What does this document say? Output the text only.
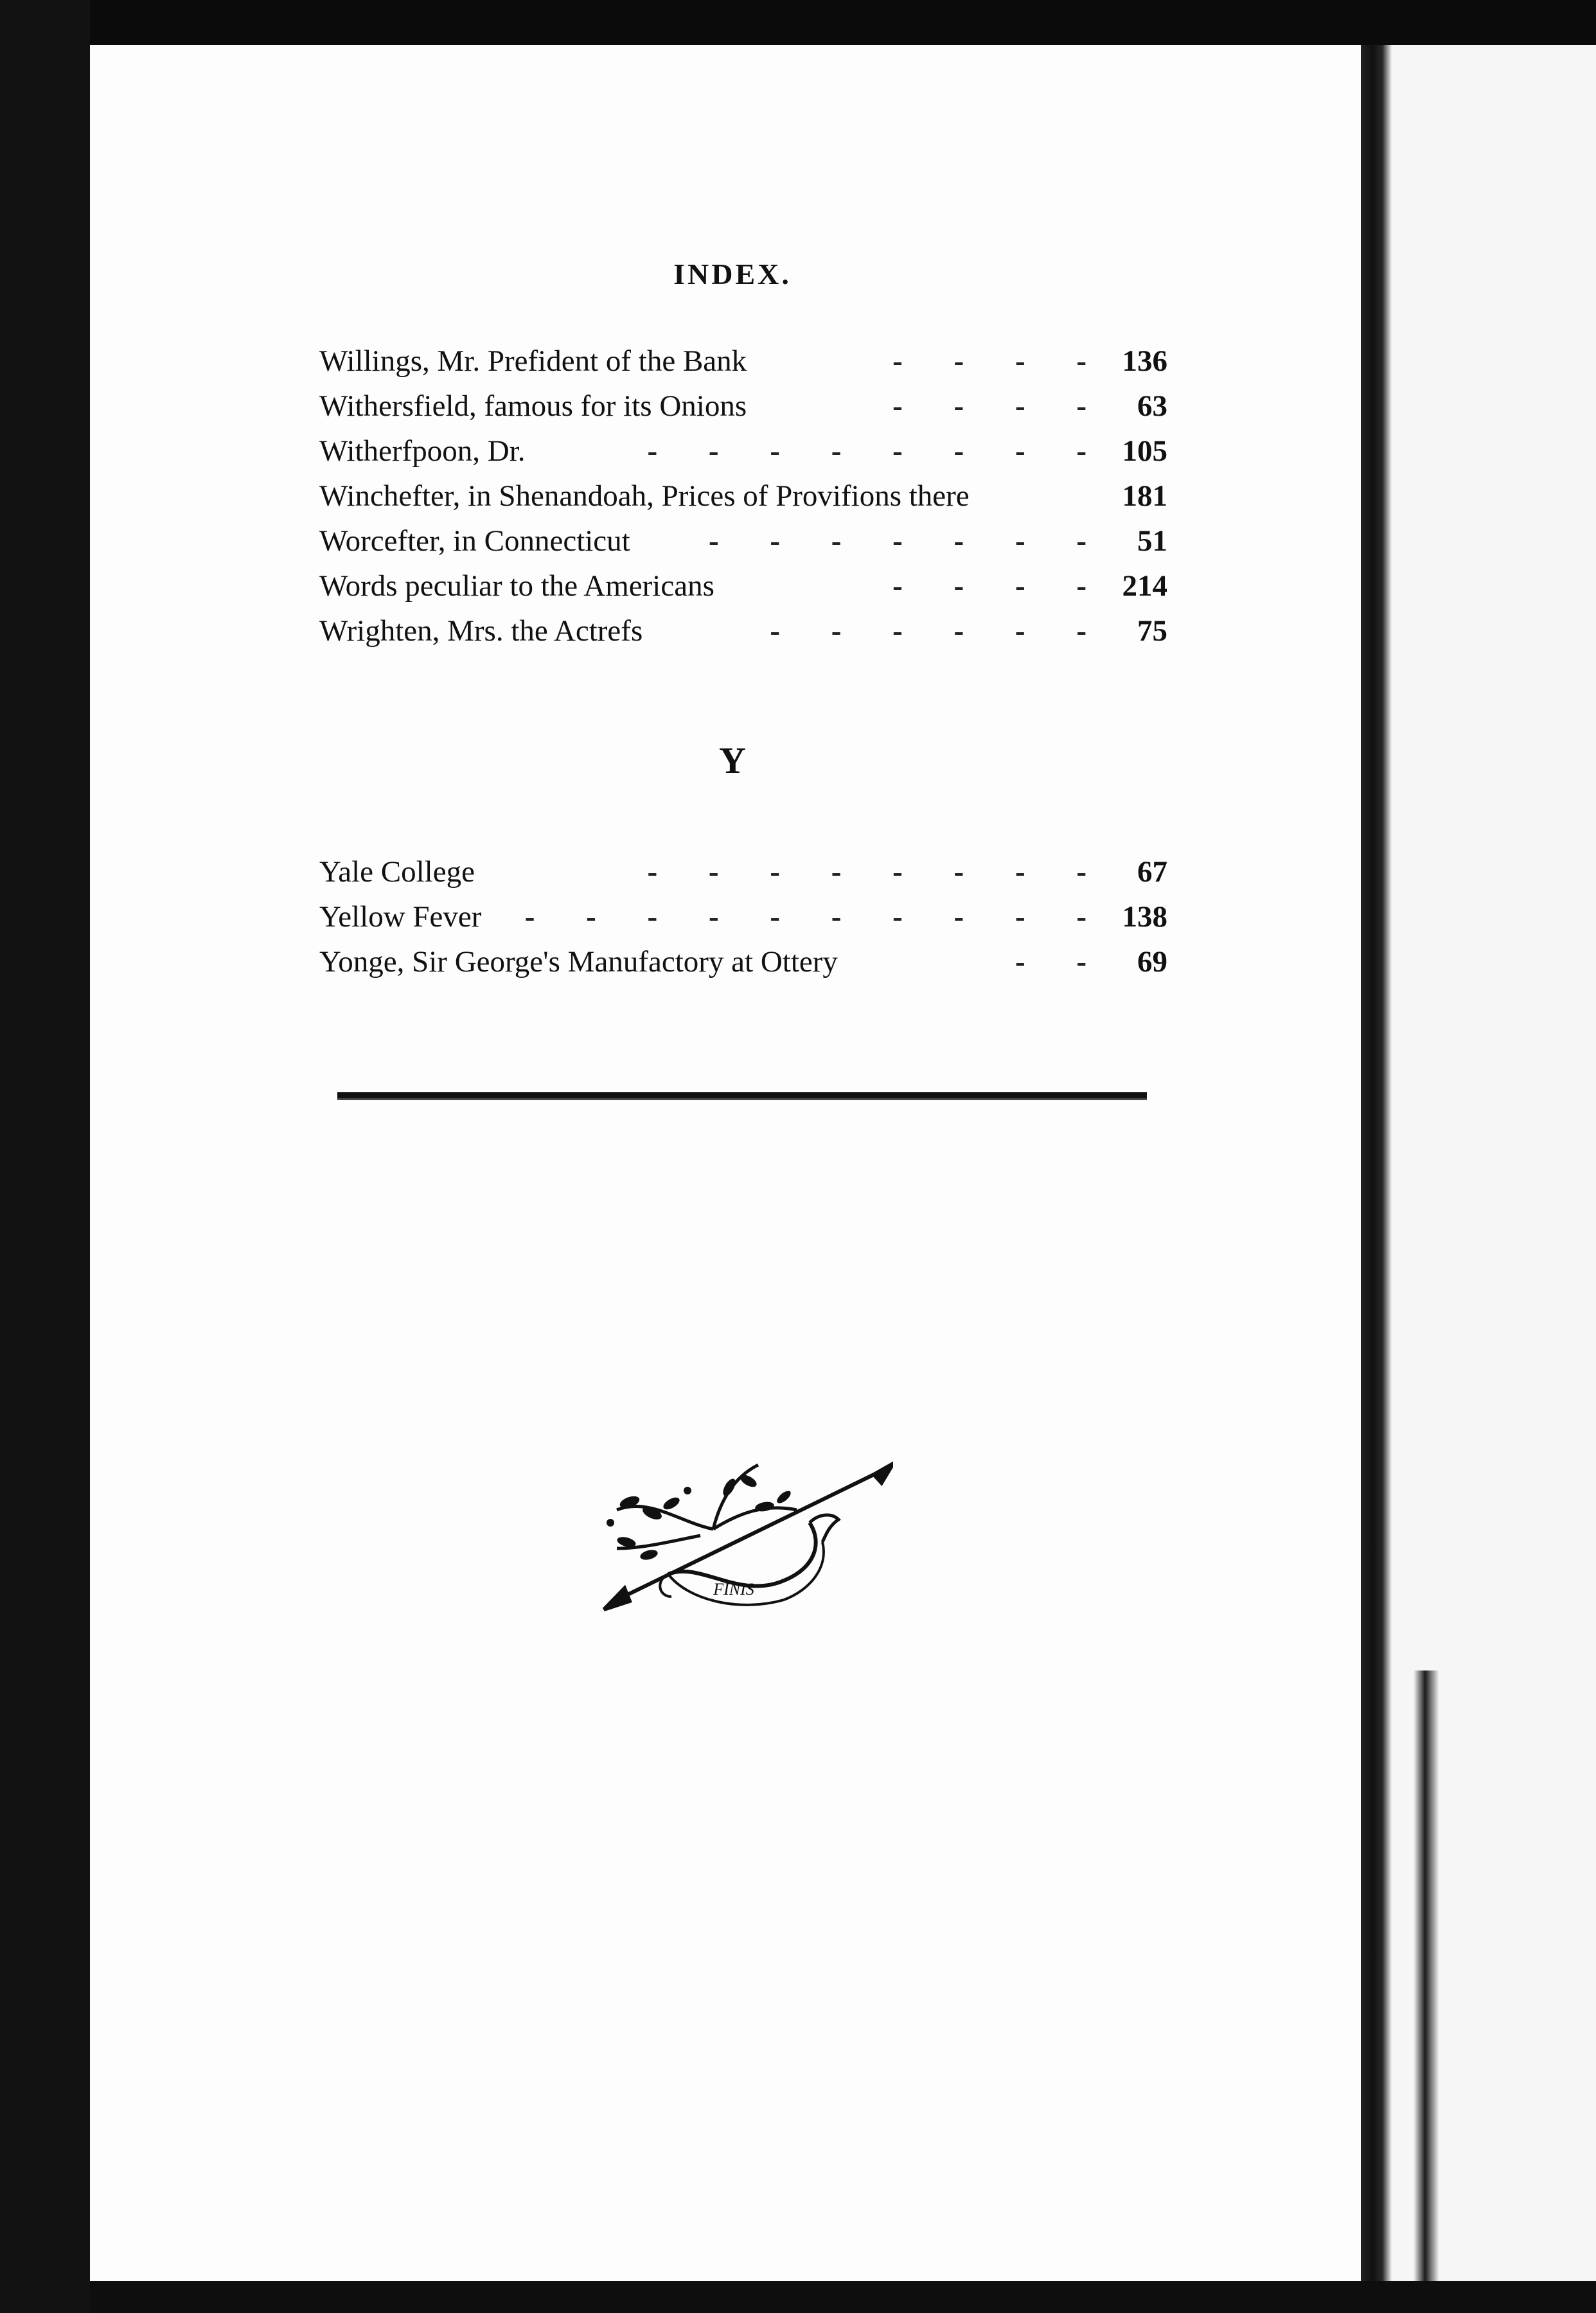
INDEX.
Willings, Mr. Prefident of the Bank	- - - - 136
Withersfield, famous for its Onions	- - - - 63
Witherfpoon, Dr.	- - - - - - - - 105
Winchefter, in Shenandoah, Prices of Provifions there	181
Worcefter, in Connecticut	- - - - - - - 51
Words peculiar to the Americans	- - - - 214
Wrighten, Mrs. the Actrefs	- - - - - - 75
Y
Yale College	- - - - - - - - 67
Yellow Fever	- - - - - - - - - - 138
Yonge, Sir George's Manufactory at Ottery	- - 69
FINIS
